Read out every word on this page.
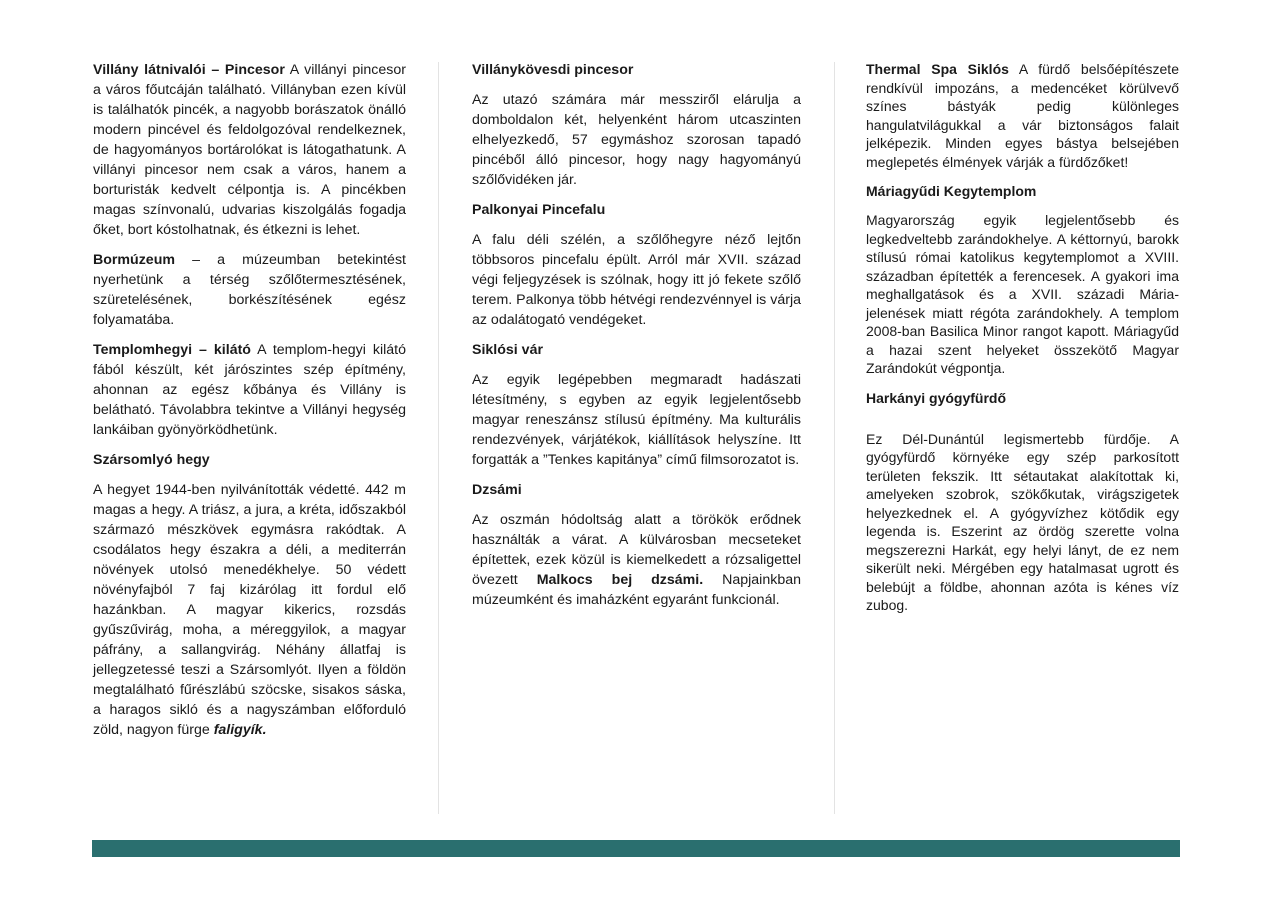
Villány látnivalói – Pincesor A villányi pincesor a város főutcáján található. Villányban ezen kívül is találhatók pincék, a nagyobb borászatok önálló modern pincével és feldolgozóval rendelkeznek, de hagyományos bortárolókat is látogathatunk. A villányi pincesor nem csak a város, hanem a borturisták kedvelt célpontja is. A pincékben magas színvonalú, udvarias kiszolgálás fogadja őket, bort kóstolhatnak, és étkezni is lehet.

Bormúzeum – a múzeumban betekintést nyerhetünk a térség szőlőtermesztésének, szüretelésének, borkészítésének egész folyamatába.

Templomhegyi – kilátó A templom-hegyi kilátó fából készült, két járószintes szép építmény, ahonnan az egész kőbánya és Villány is belátható. Távolabbra tekintve a Villányi hegység lankáiban gyönyörködhetünk.

Szársomlyó hegy

A hegyet 1944-ben nyilvánították védetté. 442 m magas a hegy. A triász, a jura, a kréta, időszakból származó mészkövek egymásra rakódtak. A csodálatos hegy északra a déli, a mediterrán növények utolsó menedékhelye. 50 védett növényfajból 7 faj kizárólag itt fordul elő hazánkban. A magyar kikerics, rozsdás gyűszűvirág, moha, a méreggyilok, a magyar páfrány, a sallangvirág. Néhány állatfaj is jellegzetessé teszi a Szársomlyót. Ilyen a földön megtalálható fűrészlábú szöcske, sisakos sáska, a haragos sikló és a nagyszámban előforduló zöld, nagyon fürge faligyík.

Villánykövesdi pincesor

Az utazó számára már messziről elárulja a domboldalon két, helyenként három utcaszinten elhelyezkedő, 57 egymáshoz szorosan tapadó pincéből álló pincesor, hogy nagy hagyományú szőlővidéken jár.

Palkonyai Pincefalu

A falu déli szélén, a szőlőhegyre néző lejtőn többsoros pincefalu épült. Arról már XVII. század végi feljegyzések is szólnak, hogy itt jó fekete szőlő terem. Palkonya több hétvégi rendezvénnyel is várja az odalátogató vendégeket.

Siklósi vár

Az egyik legépebben megmaradt hadászati létesítmény, s egyben az egyik legjelentősebb magyar reneszánsz stílusú építmény. Ma kulturális rendezvények, várjátékok, kiállítások helyszíne. Itt forgatták a ”Tenkes kapitánya” című filmsorozatot is.

Dzsámi

Az oszmán hódoltság alatt a törökök erődnek használták a várat. A külvárosban mecseteket építettek, ezek közül is kiemelkedett a rózsaligettel övezett Malkocs bej dzsámi. Napjainkban múzeumként és imaházként egyaránt funkcionál.

Thermal Spa Siklós A fürdő belsőépítészete rendkívül impozáns, a medencéket körülvevő színes bástyák pedig különleges hangulatvilágukkal a vár biztonságos falait jelképezik. Minden egyes bástya belsejében meglepetés élmények várják a fürdőzőket!

Máriagyűdi Kegytemplom

Magyarország egyik legjelentősebb és legkedveltebb zarándokhelye. A kéttornyú, barokk stílusú római katolikus kegytemplomot a XVIII. században építették a ferencesek. A gyakori ima meghallgatások és a XVII. századi Mária-jelenések miatt régóta zarándokhely. A templom 2008-ban Basilica Minor rangot kapott. Máriagyűd a hazai szent helyeket összekötő Magyar Zarándokút végpontja.

Harkányi gyógyfürdő

Ez Dél-Dunántúl legismertebb fürdője. A gyógyfürdő környéke egy szép parkosított területen fekszik. Itt sétautakat alakítottak ki, amelyeken szobrok, szökőkutak, virágszigetek helyezkednek el. A gyógyvízhez kötődik egy legenda is. Eszerint az ördög szerette volna megszerezni Harkát, egy helyi lányt, de ez nem sikerült neki. Mérgében egy hatalmasat ugrott és belebújt a földbe, ahonnan azóta is kénes víz zubog.
